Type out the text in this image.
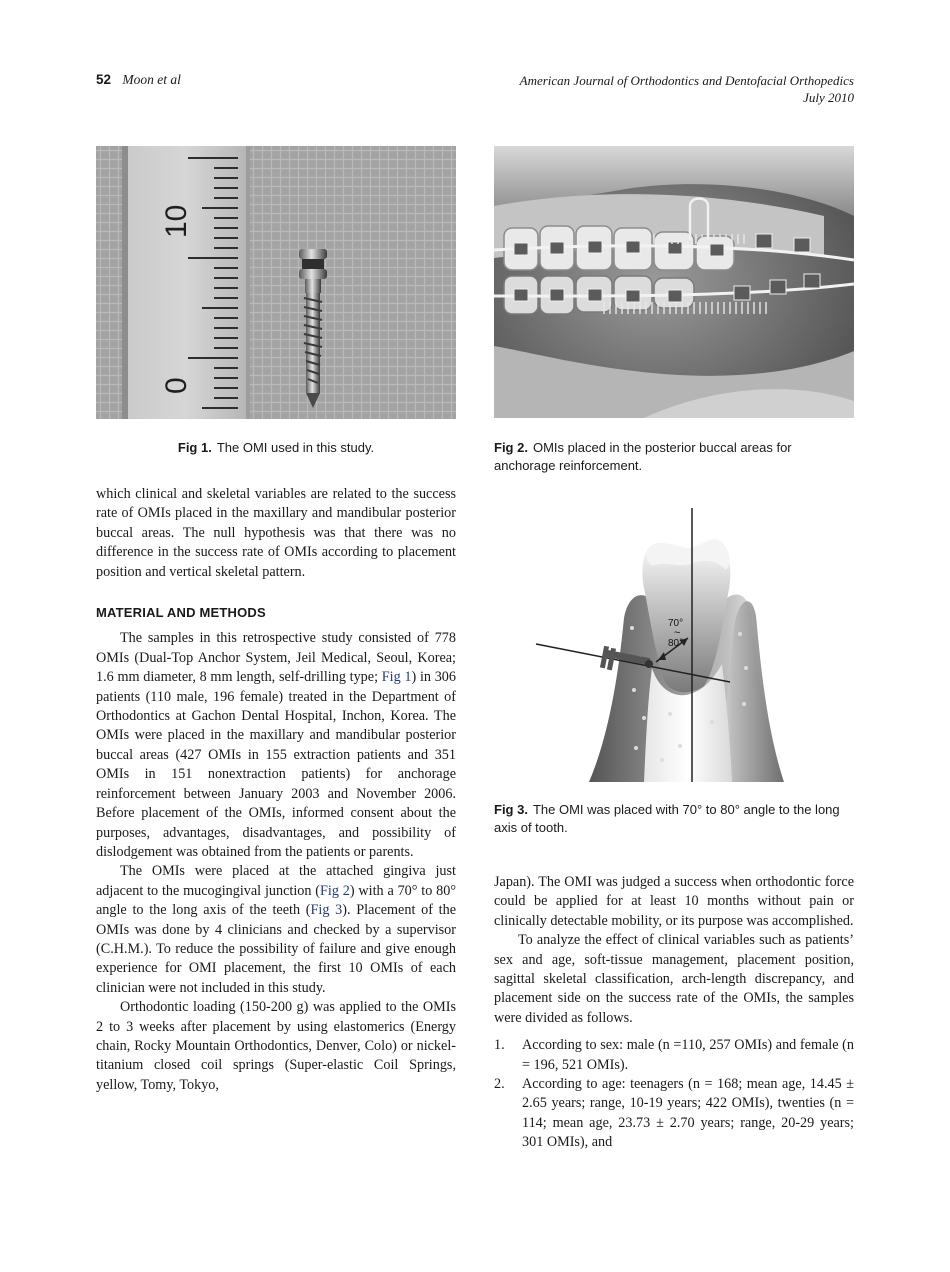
52 Moon et al	American Journal of Orthodontics and Dentofacial Orthopedics
July 2010
10
0
Fig 1. The OMI used in this study.	Fig 2. OMIs placed in the posterior buccal areas for anchorage reinforcement.
70°
~
80°
Fig 3. The OMI was placed with 70° to 80° angle to the long axis of tooth.

which clinical and skeletal variables are related to the success rate of OMIs placed in the maxillary and mandibular posterior buccal areas. The null hypothesis was that there was no difference in the success rate of OMIs according to placement position and vertical skeletal pattern.

MATERIAL AND METHODS

The samples in this retrospective study consisted of 778 OMIs (Dual-Top Anchor System, Jeil Medical, Seoul, Korea; 1.6 mm diameter, 8 mm length, self-drilling type; Fig 1) in 306 patients (110 male, 196 female) treated in the Department of Orthodontics at Gachon Dental Hospital, Inchon, Korea. The OMIs were placed in the maxillary and mandibular posterior buccal areas (427 OMIs in 155 extraction patients and 351 OMIs in 151 nonextraction patients) for anchorage reinforcement between January 2003 and November 2006. Before placement of the OMIs, informed consent about the purposes, advantages, disadvantages, and possibility of dislodgement was obtained from the patients or parents.

The OMIs were placed at the attached gingiva just adjacent to the mucogingival junction (Fig 2) with a 70° to 80° angle to the long axis of the teeth (Fig 3). Placement of the OMIs was done by 4 clinicians and checked by a supervisor (C.H.M.). To reduce the possibility of failure and give enough experience for OMI placement, the first 10 OMIs of each clinician were not included in this study.

Orthodontic loading (150-200 g) was applied to the OMIs 2 to 3 weeks after placement by using elastomerics (Energy chain, Rocky Mountain Orthodontics, Denver, Colo) or nickel-titanium closed coil springs (Super-elastic Coil Springs, yellow, Tomy, Tokyo,

Japan). The OMI was judged a success when orthodontic force could be applied for at least 10 months without pain or clinically detectable mobility, or its purpose was accomplished.

To analyze the effect of clinical variables such as patients’ sex and age, soft-tissue management, placement position, sagittal skeletal classification, arch-length discrepancy, and placement side on the success rate of the OMIs, the samples were divided as follows.

1. According to sex: male (n =110, 257 OMIs) and female (n = 196, 521 OMIs).
2. According to age: teenagers (n = 168; mean age, 14.45 ± 2.65 years; range, 10-19 years; 422 OMIs), twenties (n = 114; mean age, 23.73 ± 2.70 years; range, 20-29 years; 301 OMIs), and
